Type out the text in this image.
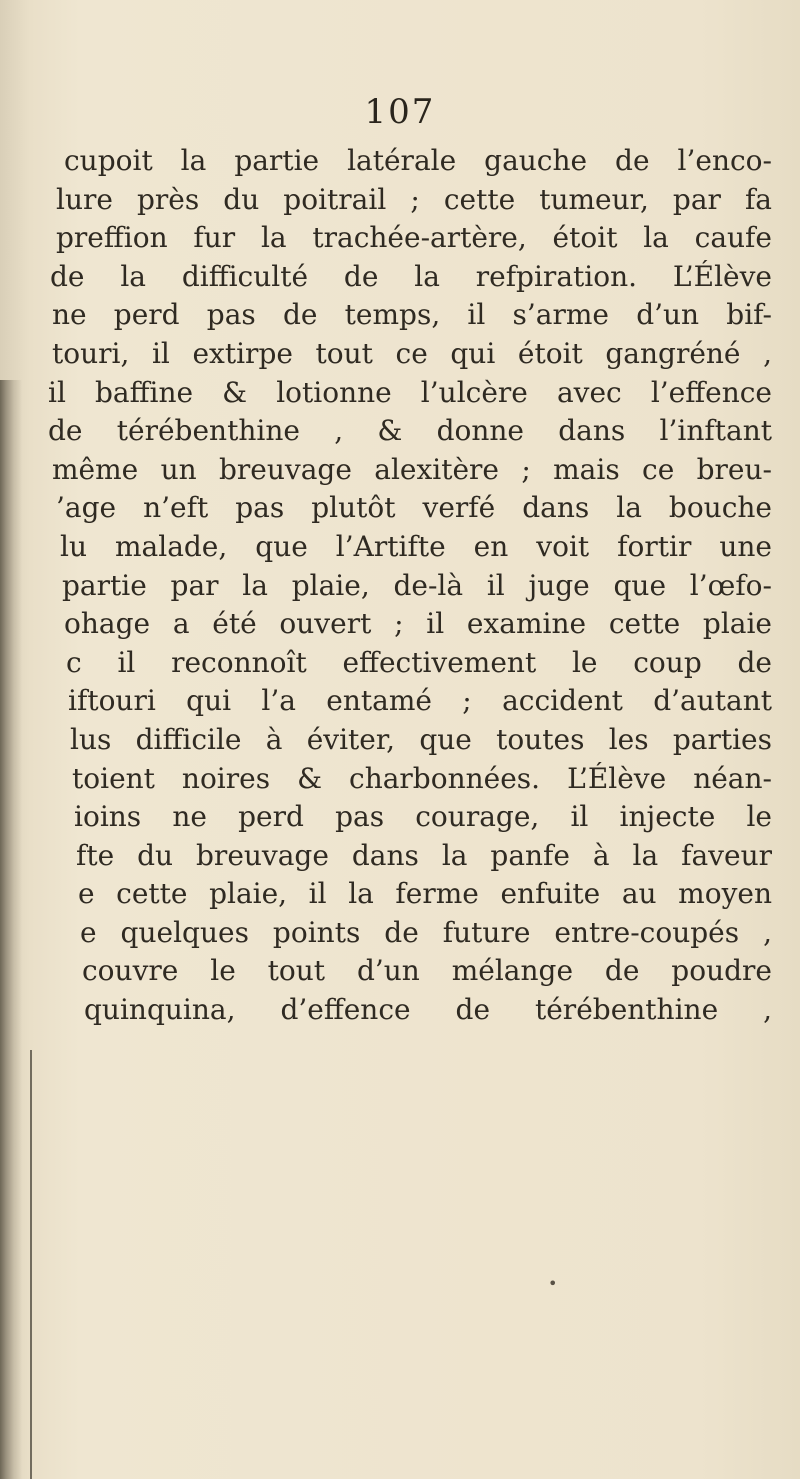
107
cupoit la partie latérale gauche de l’enco-
lure près du poitrail ; cette tumeur, par fa
preffion fur la trachée-artère, étoit la caufe
de la difficulté de la refpiration. L’Élève
ne perd pas de temps, il s’arme d’un bif-
touri, il extirpe tout ce qui étoit gangréné ,
il baffine & lotionne l’ulcère avec l’effence
de térébenthine , & donne dans l’inftant
même un breuvage alexitère ; mais ce breu-
’age n’eft pas plutôt verfé dans la bouche
lu malade, que l’Artifte en voit fortir une
partie par la plaie, de-là il juge que l’œfo-
ohage a été ouvert ; il examine cette plaie
c il reconnoît effectivement le coup de
iftouri qui l’a entamé ; accident d’autant
lus difficile à éviter, que toutes les parties
toient noires & charbonnées. L’Élève néan-
ioins ne perd pas courage, il injecte le
fte du breuvage dans la panfe à la faveur
e cette plaie, il la ferme enfuite au moyen
e quelques points de future entre-coupés ,
couvre le tout d’un mélange de poudre
quinquina, d’effence de térébenthine ,
•
